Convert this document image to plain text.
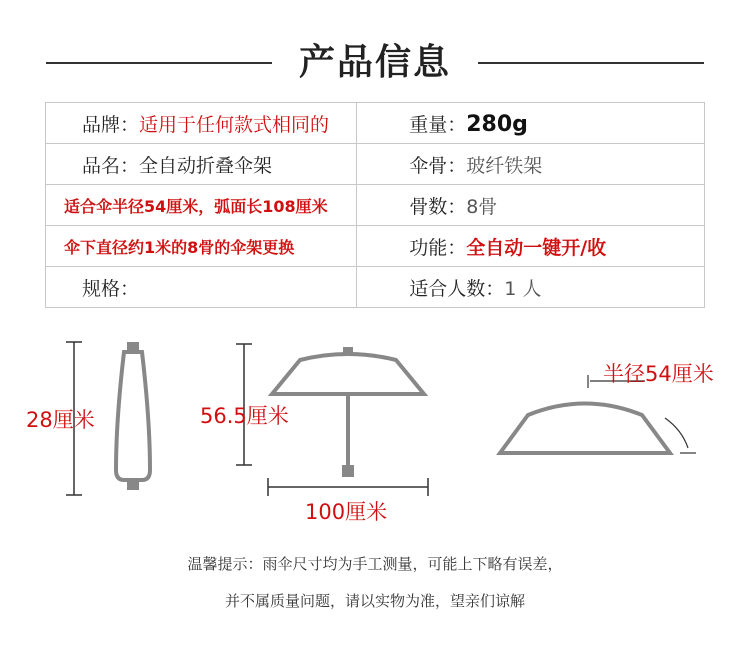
产品信息
品牌：适用于任何款式相同的	重量：280g
品名：全自动折叠伞架	伞骨：玻纤铁架
适合伞半径54厘米，弧面长108厘米	骨数：8骨
伞下直径约1米的8骨的伞架更换	功能：全自动一键开/收
规格：	适合人数：1 人
28厘米	56.5厘米
100厘米
半径54厘米
温馨提示：雨伞尺寸均为手工测量，可能上下略有误差，
并不属质量问题，请以实物为准，望亲们谅解
